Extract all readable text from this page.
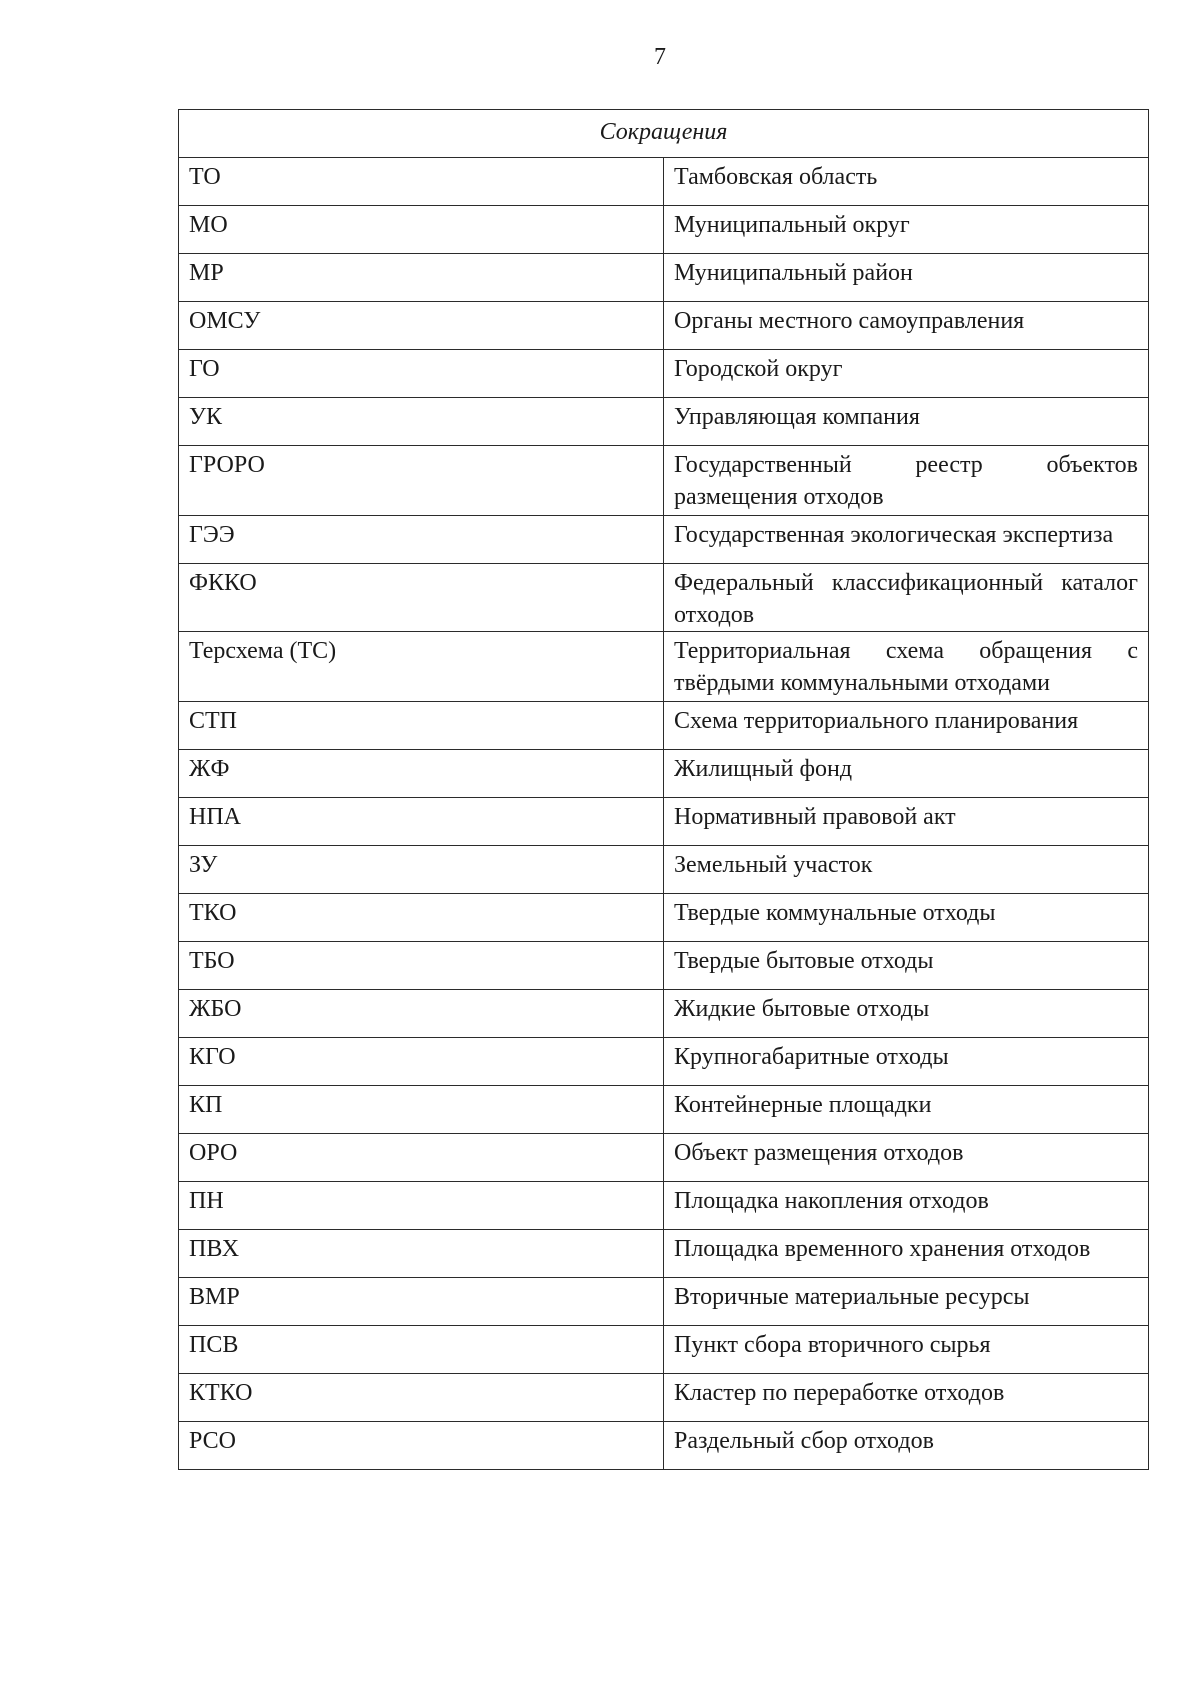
7
Сокращения	
ТО	Тамбовская область
МО	Муниципальный округ
МР	Муниципальный район
ОМСУ	Органы местного самоуправления
ГО	Городской округ
УК	Управляющая компания
ГРОРО	Государственный реестр объектов размещения отходов
ГЭЭ	Государственная экологическая экспертиза
ФККО	Федеральный классификационный каталог отходов
Терсхема (ТС)	Территориальная схема обращения с твёрдыми коммунальными отходами
СТП	Схема территориального планирования
ЖФ	Жилищный фонд
НПА	Нормативный правовой акт
ЗУ	Земельный участок
ТКО	Твердые коммунальные отходы
ТБО	Твердые бытовые отходы
ЖБО	Жидкие бытовые отходы
КГО	Крупногабаритные отходы
КП	Контейнерные площадки
ОРО	Объект размещения отходов
ПН	Площадка накопления отходов
ПВХ	Площадка временного хранения отходов
ВМР	Вторичные материальные ресурсы
ПСВ	Пункт сбора вторичного сырья
КТКО	Кластер по переработке отходов
РСО	Раздельный сбор отходов
